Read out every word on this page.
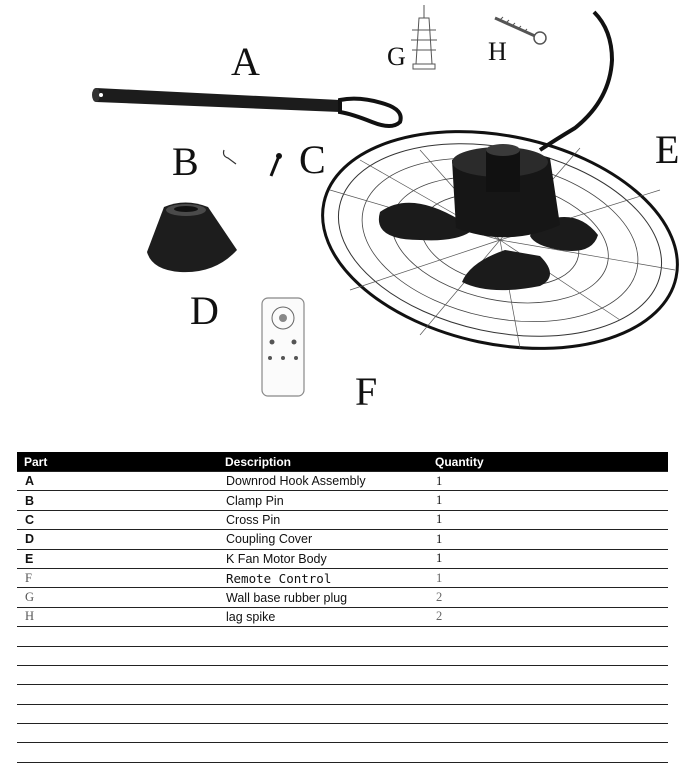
A
B	C
D
E
F
G	H
Part	Description	Quantity
A	Downrod Hook Assembly	1
B	Clamp Pin	1
C	Cross Pin	1
D	Coupling Cover	1
E	K Fan Motor Body	1
F	Remote Control	1
G	Wall base rubber plug	2
H	lag spike	2
